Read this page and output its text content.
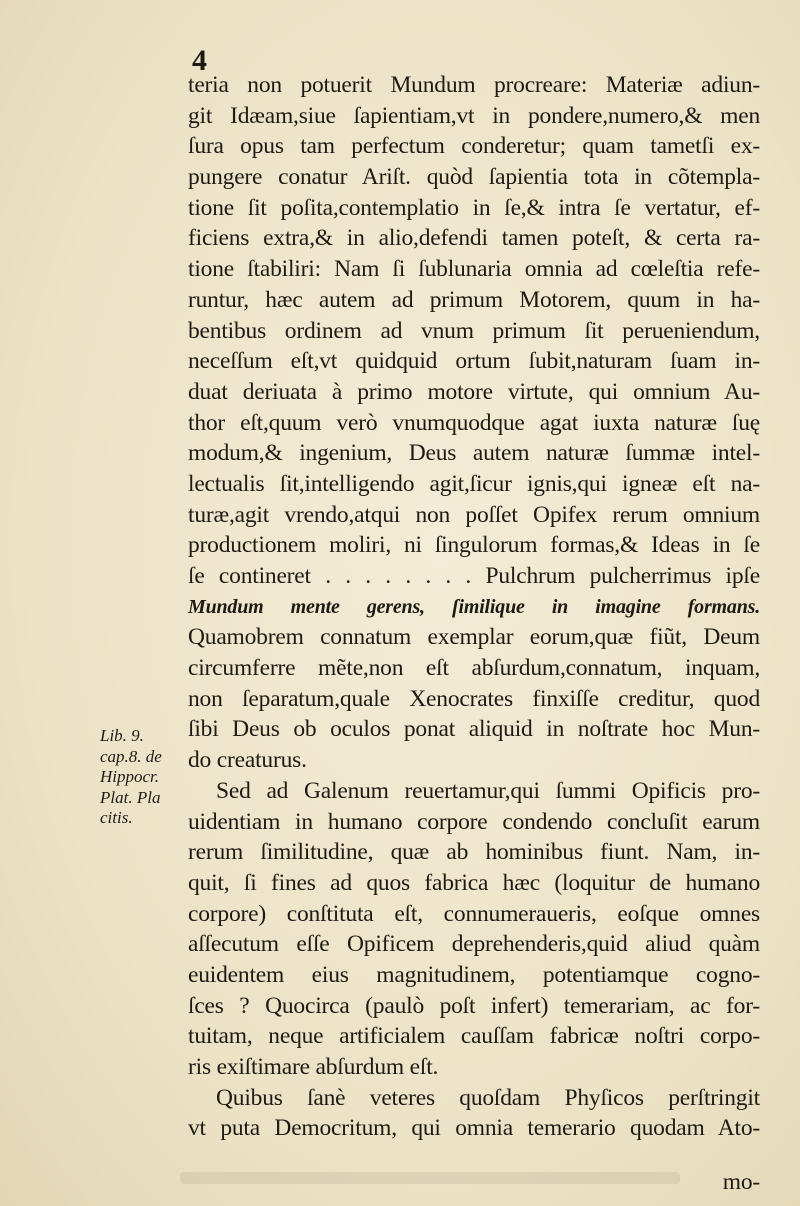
4
teria non potuerit Mundum procreare: Materiæ adiun-
git Idæam,siue ſapientiam,vt in pondere,numero,& men
ſura opus tam perfectum conderetur; quam tametſi ex-
pungere conatur Ariſt. quòd ſapientia tota in cõtempla-
tione ſit poſita,contemplatio in ſe,& intra ſe vertatur, ef-
ficiens extra,& in alio,defendi tamen poteſt, & certa ra-
tione ſtabiliri: Nam ſi ſublunaria omnia ad cœleſtia refe-
runtur, hæc autem ad primum Motorem, quum in ha-
bentibus ordinem ad vnum primum ſit perueniendum,
neceſſum eſt,vt quidquid ortum ſubit,naturam ſuam in-
duat deriuata à primo motore virtute, qui omnium Au-
thor eſt,quum verò vnumquodque agat iuxta naturæ ſuę
modum,& ingenium, Deus autem naturæ ſummæ intel-
lectualis ſit,intelligendo agit,ſicur ignis,qui igneæ eſt na-
turæ,agit vrendo,atqui non poſſet Opifex rerum omnium
productionem moliri, ni ſingulorum formas,& Ideas in ſe
ſe contineret . . . . . . . . Pulchrum pulcherrimus ipſe
Mundum mente gerens, ſimilique in imagine formans.
Quamobrem connatum exemplar eorum,quæ fiũt, Deum
circumferre mẽte,non eſt abſurdum,connatum, inquam,
non ſeparatum,quale Xenocrates finxiſſe creditur, quod
ſibi Deus ob oculos ponat aliquid in noſtrate hoc Mun-
do creaturus.
Sed ad Galenum reuertamur,qui ſummi Opificis pro-
uidentiam in humano corpore condendo concluſit earum
rerum ſimilitudine, quæ ab hominibus fiunt. Nam, in-
quit, ſi fines ad quos fabrica hæc (loquitur de humano
corpore) conſtituta eſt, connumeraueris, eoſque omnes
aſſecutum eſſe Opificem deprehenderis,quid aliud quàm
euidentem eius magnitudinem, potentiamque cogno-
ſces ? Quocirca (paulò poſt infert) temerariam, ac for-
tuitam, neque artificialem cauſſam fabricæ noſtri corpo-
ris exiſtimare abſurdum eſt.
Quibus ſanè veteres quoſdam Phyſicos perſtringit
vt puta Democritum, qui omnia temerario quodam Ato-
mo-
Lib. 9.
cap.8. de
Hippocr.
Plat. Pla
citis.
